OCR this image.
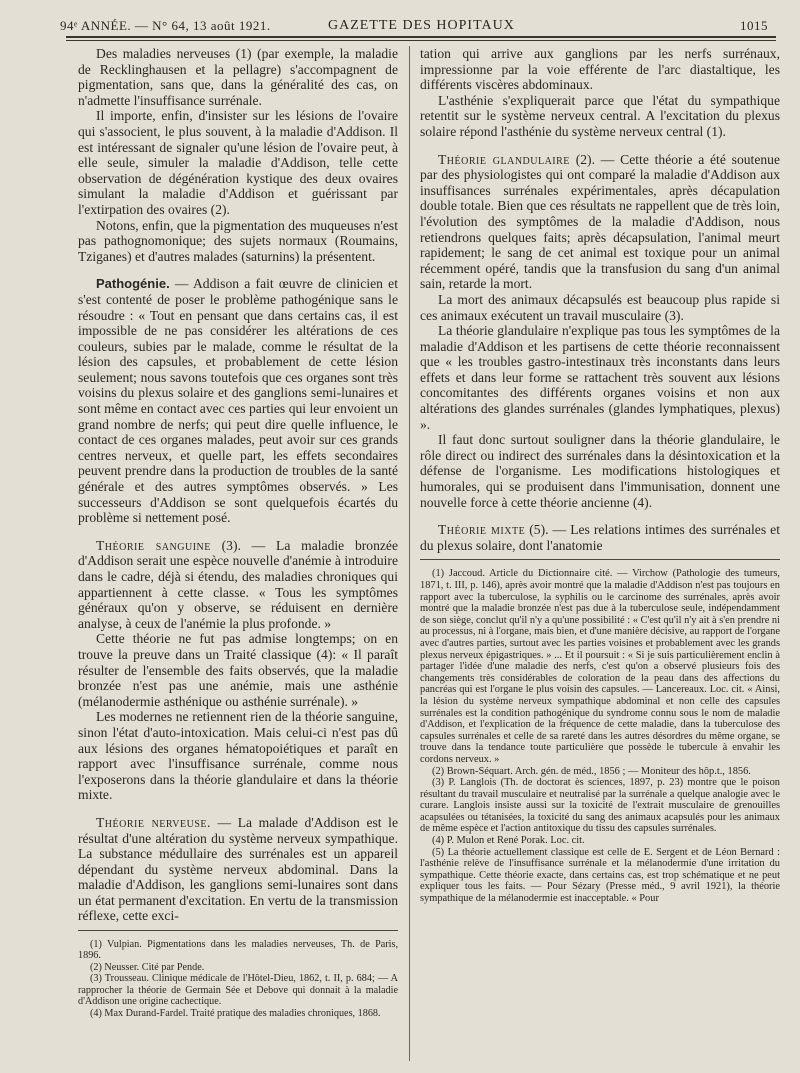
94ᵉ ANNÉE. — N° 64, 13 août 1921.	GAZETTE DES HOPITAUX	1015

Des maladies nerveuses (1) (par exemple, la maladie de Recklinghausen et la pellagre) s'accompagnent de pigmentation, sans que, dans la généralité des cas, on n'admette l'insuffisance surrénale.

Il importe, enfin, d'insister sur les lésions de l'ovaire qui s'associent, le plus souvent, à la maladie d'Addison. Il est intéressant de signaler qu'une lésion de l'ovaire peut, à elle seule, simuler la maladie d'Addison, telle cette observation de dégénération kystique des deux ovaires simulant la maladie d'Addison et guérissant par l'extirpation des ovaires (2).

Notons, enfin, que la pigmentation des muqueuses n'est pas pathognomonique; des sujets normaux (Roumains, Tziganes) et d'autres malades (saturnins) la présentent.

Pathogénie. — Addison a fait œuvre de clinicien et s'est contenté de poser le problème pathogénique sans le résoudre : « Tout en pensant que dans certains cas, il est impossible de ne pas considérer les altérations de ces couleurs, subies par le malade, comme le résultat de la lésion des capsules, et probablement de cette lésion seulement; nous savons toutefois que ces organes sont très voisins du plexus solaire et des ganglions semi-lunaires et sont même en contact avec ces parties qui leur envoient un grand nombre de nerfs; qui peut dire quelle influence, le contact de ces organes malades, peut avoir sur ces grands centres nerveux, et quelle part, les effets secondaires peuvent prendre dans la production de troubles de la santé générale et des autres symptômes observés. » Les successeurs d'Addison se sont quelquefois écartés du problème si nettement posé.

Théorie sanguine (3). — La maladie bronzée d'Addison serait une espèce nouvelle d'anémie à introduire dans le cadre, déjà si étendu, des maladies chroniques qui appartiennent à cette classe. « Tous les symptômes généraux qu'on y observe, se réduisent en dernière analyse, à ceux de l'anémie la plus profonde. »

Cette théorie ne fut pas admise longtemps; on en trouve la preuve dans un Traité classique (4): « Il paraît résulter de l'ensemble des faits observés, que la maladie bronzée n'est pas une anémie, mais une asthénie (mélanodermie asthénique ou asthénie surrénale). »

Les modernes ne retiennent rien de la théorie sanguine, sinon l'état d'auto-intoxication. Mais celui-ci n'est pas dû aux lésions des organes hématopoiétiques et paraît en rapport avec l'insuffisance surrénale, comme nous l'exposerons dans la théorie glandulaire et dans la théorie mixte.

Théorie nerveuse. — La malade d'Addison est le résultat d'une altération du système nerveux sympathique. La substance médullaire des surrénales est un appareil dépendant du système nerveux abdominal. Dans la maladie d'Addison, les ganglions semi-lunaires sont dans un état permanent d'excitation. En vertu de la transmission réflexe, cette exci-

(1) Vulpian. Pigmentations dans les maladies nerveuses, Th. de Paris, 1896.

(2) Neusser. Cité par Pende.

(3) Trousseau. Clinique médicale de l'Hôtel-Dieu, 1862, t. II, p. 684; — A rapprocher la théorie de Germain Sée et Debove qui donnait à la maladie d'Addison une origine cachectique.

(4) Max Durand-Fardel. Traité pratique des maladies chroniques, 1868.

tation qui arrive aux ganglions par les nerfs surrénaux, impressionne par la voie efférente de l'arc diastaltique, les différents viscères abdominaux.

L'asthénie s'expliquerait parce que l'état du sympathique retentit sur le système nerveux central. A l'excitation du plexus solaire répond l'asthénie du système nerveux central (1).

Théorie glandulaire (2). — Cette théorie a été soutenue par des physiologistes qui ont comparé la maladie d'Addison aux insuffisances surrénales expérimentales, après décapulation double totale. Bien que ces résultats ne rappellent que de très loin, l'évolution des symptômes de la maladie d'Addison, nous retiendrons quelques faits; après décapsulation, l'animal meurt rapidement; le sang de cet animal est toxique pour un animal récemment opéré, tandis que la transfusion du sang d'un animal sain, retarde la mort.

La mort des animaux décapsulés est beaucoup plus rapide si ces animaux exécutent un travail musculaire (3).

La théorie glandulaire n'explique pas tous les symptômes de la maladie d'Addison et les partisens de cette théorie reconnaissent que « les troubles gastro-intestinaux très inconstants dans leurs effets et dans leur forme se rattachent très souvent aux lésions concomitantes des différents organes voisins et non aux altérations des glandes surrénales (glandes lymphatiques, plexus) ».

Il faut donc surtout souligner dans la théorie glandulaire, le rôle direct ou indirect des surrénales dans la désintoxication et la défense de l'organisme. Les modifications histologiques et humorales, qui se produisent dans l'immunisation, donnent une nouvelle force à cette théorie ancienne (4).

Théorie mixte (5). — Les relations intimes des surrénales et du plexus solaire, dont l'anatomie

(1) Jaccoud. Article du Dictionnaire cité. — Virchow (Pathologie des tumeurs, 1871, t. III, p. 146), après avoir montré que la maladie d'Addison n'est pas toujours en rapport avec la tuberculose, la syphilis ou le carcinome des surrénales, après avoir montré que la maladie bronzée n'est pas due à la tuberculose seule, indépendamment de son siège, conclut qu'il n'y a qu'une possibilité : « C'est qu'il n'y ait à s'en prendre ni au processus, ni à l'organe, mais bien, et d'une manière décisive, au rapport de l'organe avec d'autres parties, surtout avec les parties voisines et probablement avec les grands plexus nerveux épigastriques. » ... Et il poursuit : « Si je suis particulièrement enclin à partager l'idée d'une maladie des nerfs, c'est qu'on a observé plusieurs fois des changements très considérables de coloration de la peau dans des affections du pancréas qui est l'organe le plus voisin des capsules. — Lancereaux. Loc. cit. « Ainsi, la lésion du système nerveux sympathique abdominal et non celle des capsules surrénales est la condition pathogénique du syndrome connu sous le nom de maladie d'Addison, et l'explication de la fréquence de cette maladie, dans la tuberculose des capsules surrénales et celle de sa rareté dans les autres désordres du même organe, se trouve dans la tendance toute particulière que possède le tubercule à envahir les cordons nerveux. »

(2) Brown-Séquart. Arch. gén. de méd., 1856 ; — Moniteur des hôp.t., 1856.

(3) P. Langlois (Th. de doctorat ès sciences, 1897, p. 23) montre que le poison résultant du travail musculaire et neutralisé par la surrénale a quelque analogie avec le curare. Langlois insiste aussi sur la toxicité de l'extrait musculaire de grenouilles acapsulées ou tétanisées, la toxicité du sang des animaux acapsulés pour les animaux de même espèce et l'action antitoxique du tissu des capsules surrénales.

(4) P. Mulon et René Porak. Loc. cit.

(5) La théorie actuellement classique est celle de E. Sergent et de Léon Bernard : l'asthénie relève de l'insuffisance surrénale et la mélanodermie d'une irritation du sympathique. Cette théorie exacte, dans certains cas, est trop schématique et ne peut expliquer tous les faits. — Pour Sézary (Presse méd., 9 avril 1921), la théorie sympathique de la mélanodermie est inacceptable. « Pour
